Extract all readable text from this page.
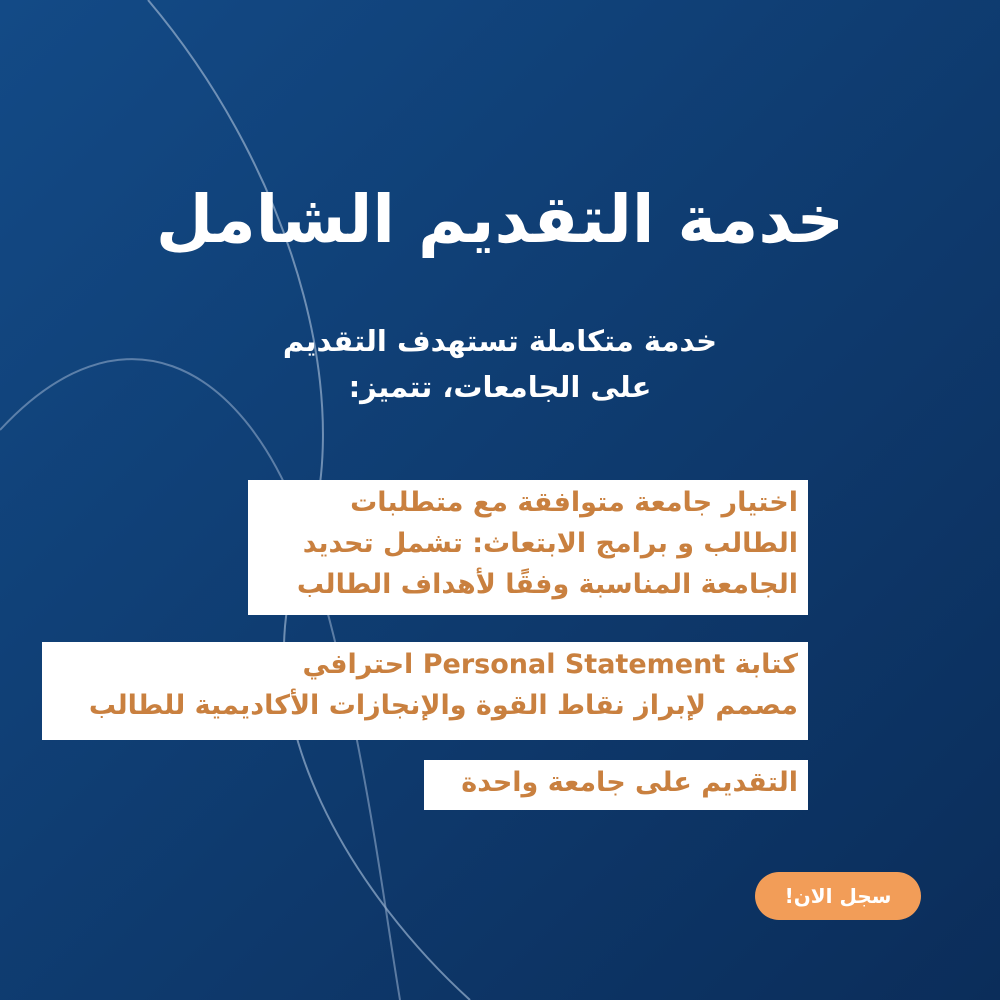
خدمة التقديم الشامل
خدمة متكاملة تستهدف التقديم
على الجامعات، تتميز:
اختيار جامعة متوافقة مع متطلبات
الطالب و برامج الابتعاث: تشمل تحديد
الجامعة المناسبة وفقًا لأهداف الطالب
كتابة Personal Statement احترافي
مصمم لإبراز نقاط القوة والإنجازات الأكاديمية للطالب
التقديم على جامعة واحدة
سجل الان!
